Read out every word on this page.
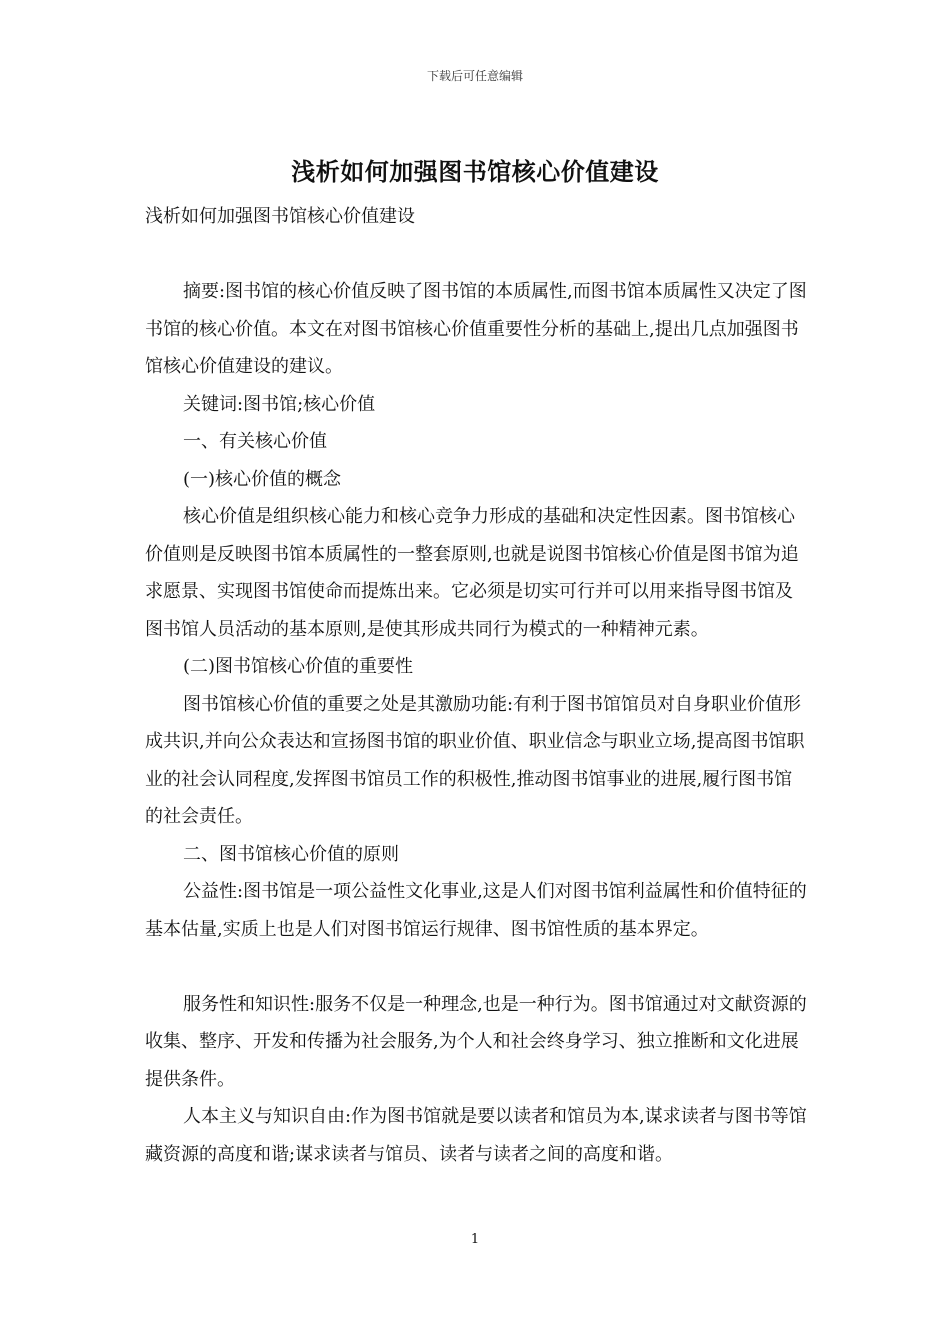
下载后可任意编辑
浅析如何加强图书馆核心价值建设

浅析如何加强图书馆核心价值建设

摘要:图书馆的核心价值反映了图书馆的本质属性,而图书馆本质属性又决定了图书馆的核心价值。本文在对图书馆核心价值重要性分析的基础上,提出几点加强图书馆核心价值建设的建议。

关键词:图书馆;核心价值

一、有关核心价值

(一)核心价值的概念

核心价值是组织核心能力和核心竞争力形成的基础和决定性因素。图书馆核心价值则是反映图书馆本质属性的一整套原则,也就是说图书馆核心价值是图书馆为追求愿景、实现图书馆使命而提炼出来。它必须是切实可行并可以用来指导图书馆及图书馆人员活动的基本原则,是使其形成共同行为模式的一种精神元素。

(二)图书馆核心价值的重要性

图书馆核心价值的重要之处是其激励功能:有利于图书馆馆员对自身职业价值形成共识,并向公众表达和宣扬图书馆的职业价值、职业信念与职业立场,提高图书馆职业的社会认同程度,发挥图书馆员工作的积极性,推动图书馆事业的进展,履行图书馆的社会责任。

二、图书馆核心价值的原则

公益性:图书馆是一项公益性文化事业,这是人们对图书馆利益属性和价值特征的基本估量,实质上也是人们对图书馆运行规律、图书馆性质的基本界定。

服务性和知识性:服务不仅是一种理念,也是一种行为。图书馆通过对文献资源的收集、整序、开发和传播为社会服务,为个人和社会终身学习、独立推断和文化进展提供条件。

人本主义与知识自由:作为图书馆就是要以读者和馆员为本,谋求读者与图书等馆藏资源的高度和谐;谋求读者与馆员、读者与读者之间的高度和谐。

1
